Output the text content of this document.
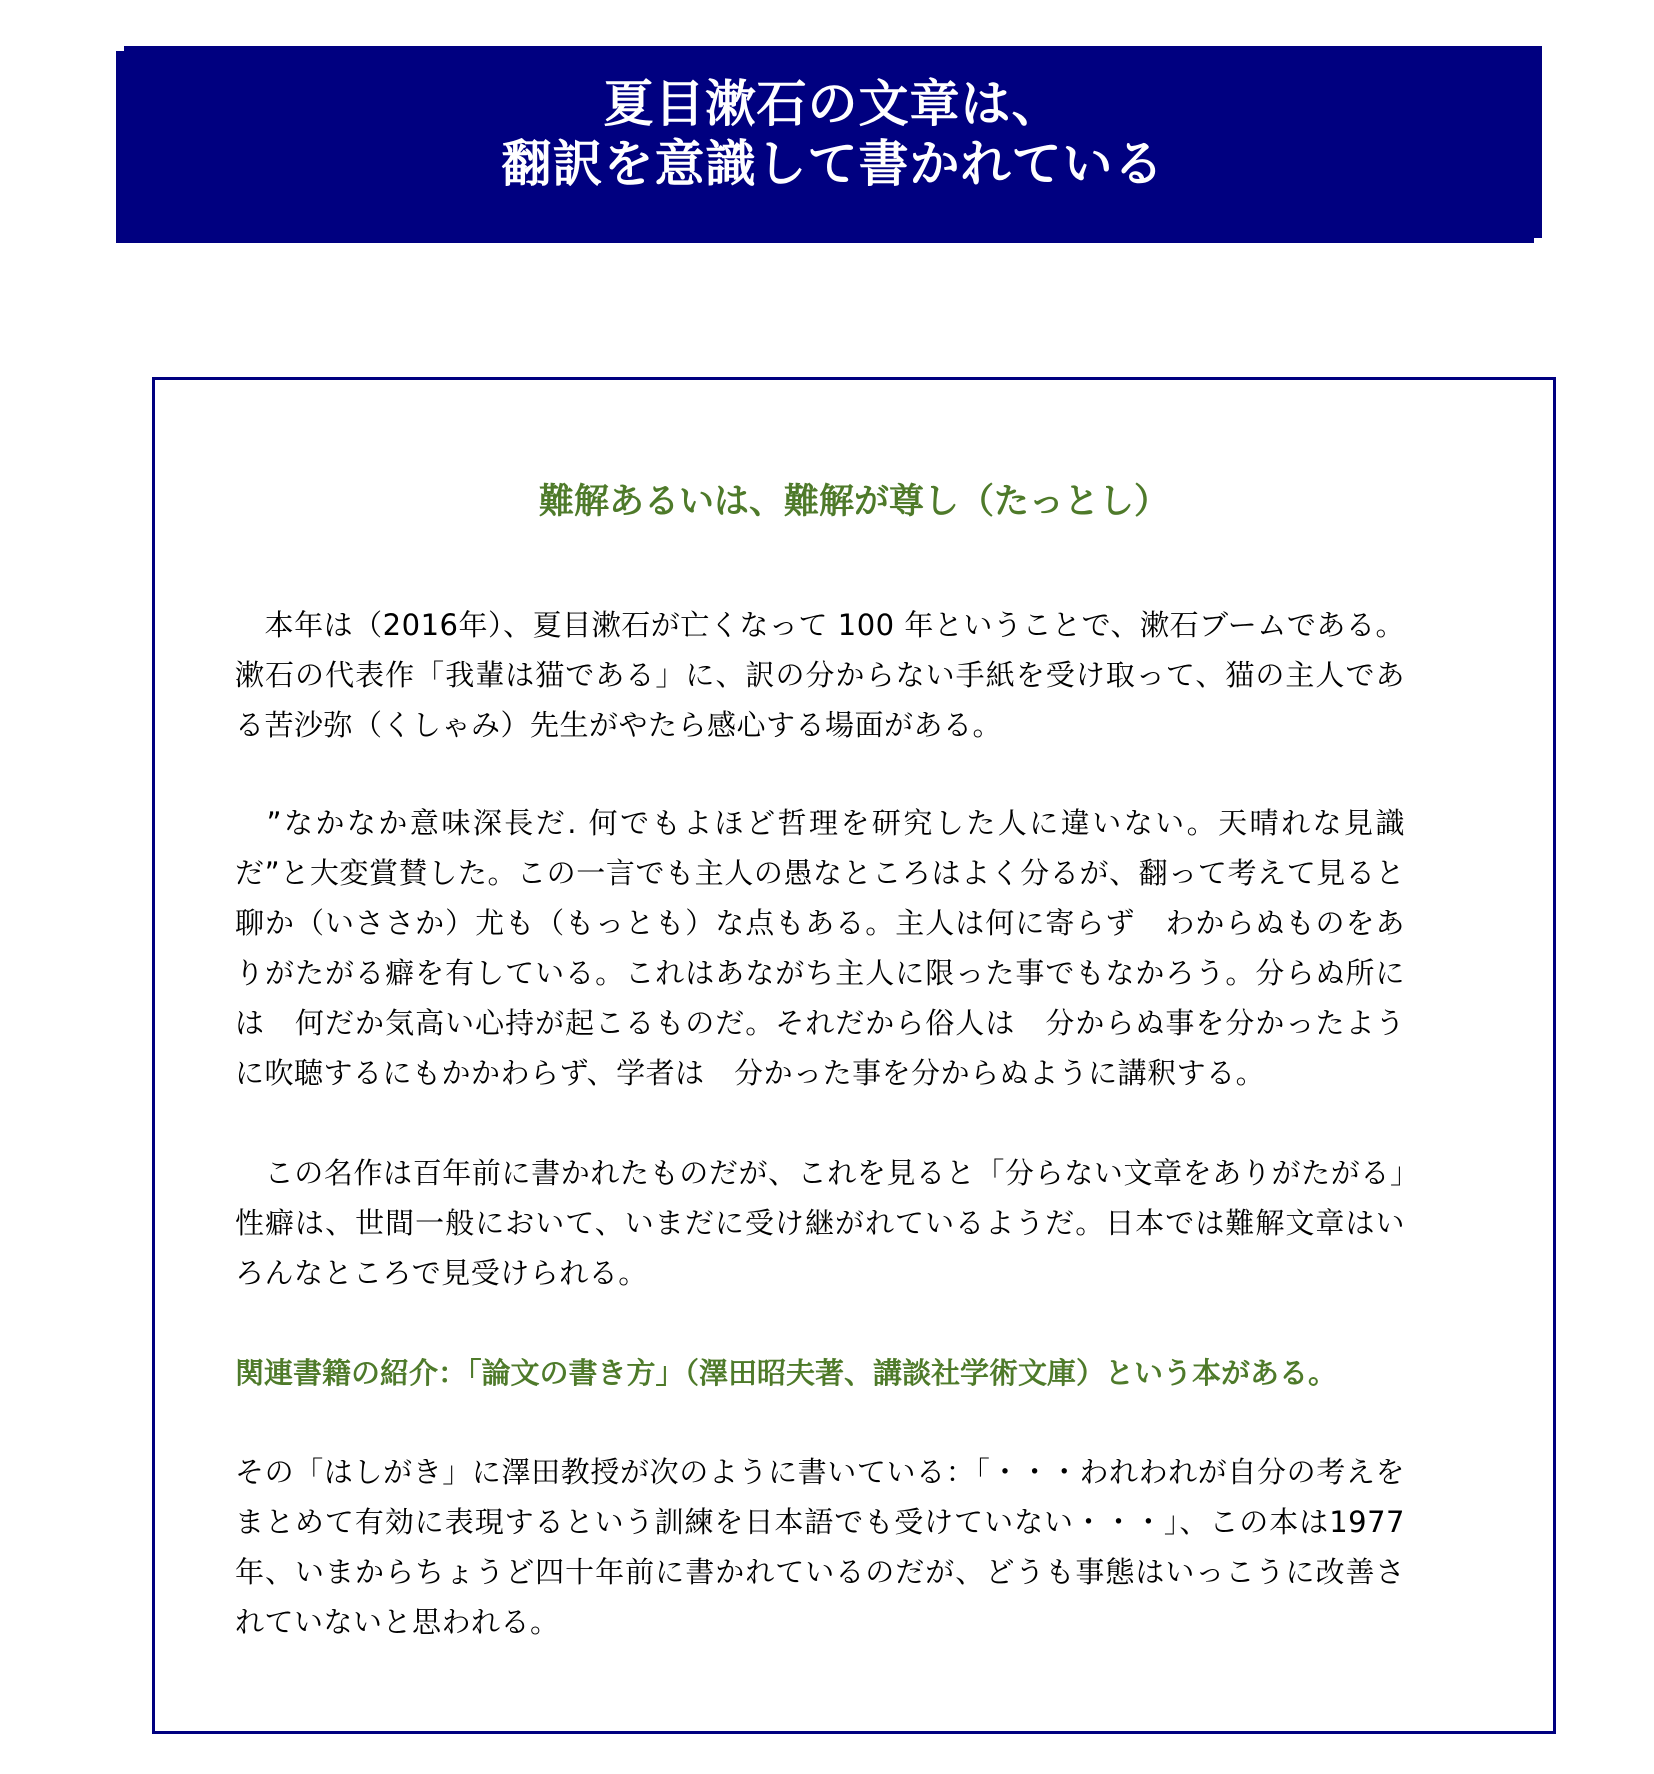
夏目漱石の文章は、
翻訳を意識して書かれている
難解あるいは、難解が尊し（たっとし）

　本年は（2016年）、夏目漱石が亡くなって 100 年ということで、漱石ブームである。漱石の代表作「我輩は猫である」に、訳の分からない手紙を受け取って、猫の主人である苦沙弥（くしゃみ）先生がやたら感心する場面がある。

　”なかなか意味深長だ. 何でもよほど哲理を研究した人に違いない。天晴れな見識だ”と大変賞賛した。この一言でも主人の愚なところはよく分るが、翻って考えて見ると　聊か（いささか）尤も（もっとも）な点もある。主人は何に寄らず　わからぬものをありがたがる癖を有している。これはあながち主人に限った事でもなかろう。分らぬ所には　何だか気高い心持が起こるものだ。それだから俗人は　分からぬ事を分かったように吹聴するにもかかわらず、学者は　分かった事を分からぬように講釈する。

　この名作は百年前に書かれたものだが、これを見ると「分らない文章をありがたがる」性癖は、世間一般において、いまだに受け継がれているようだ。日本では難解文章はいろんなところで見受けられる。

関連書籍の紹介：「論文の書き方」（澤田昭夫著、講談社学術文庫）という本がある。

その「はしがき」に澤田教授が次のように書いている：「・・・われわれが自分の考えをまとめて有効に表現するという訓練を日本語でも受けていない・・・」、この本は1977年、いまからちょうど四十年前に書かれているのだが、どうも事態はいっこうに改善されていないと思われる。
